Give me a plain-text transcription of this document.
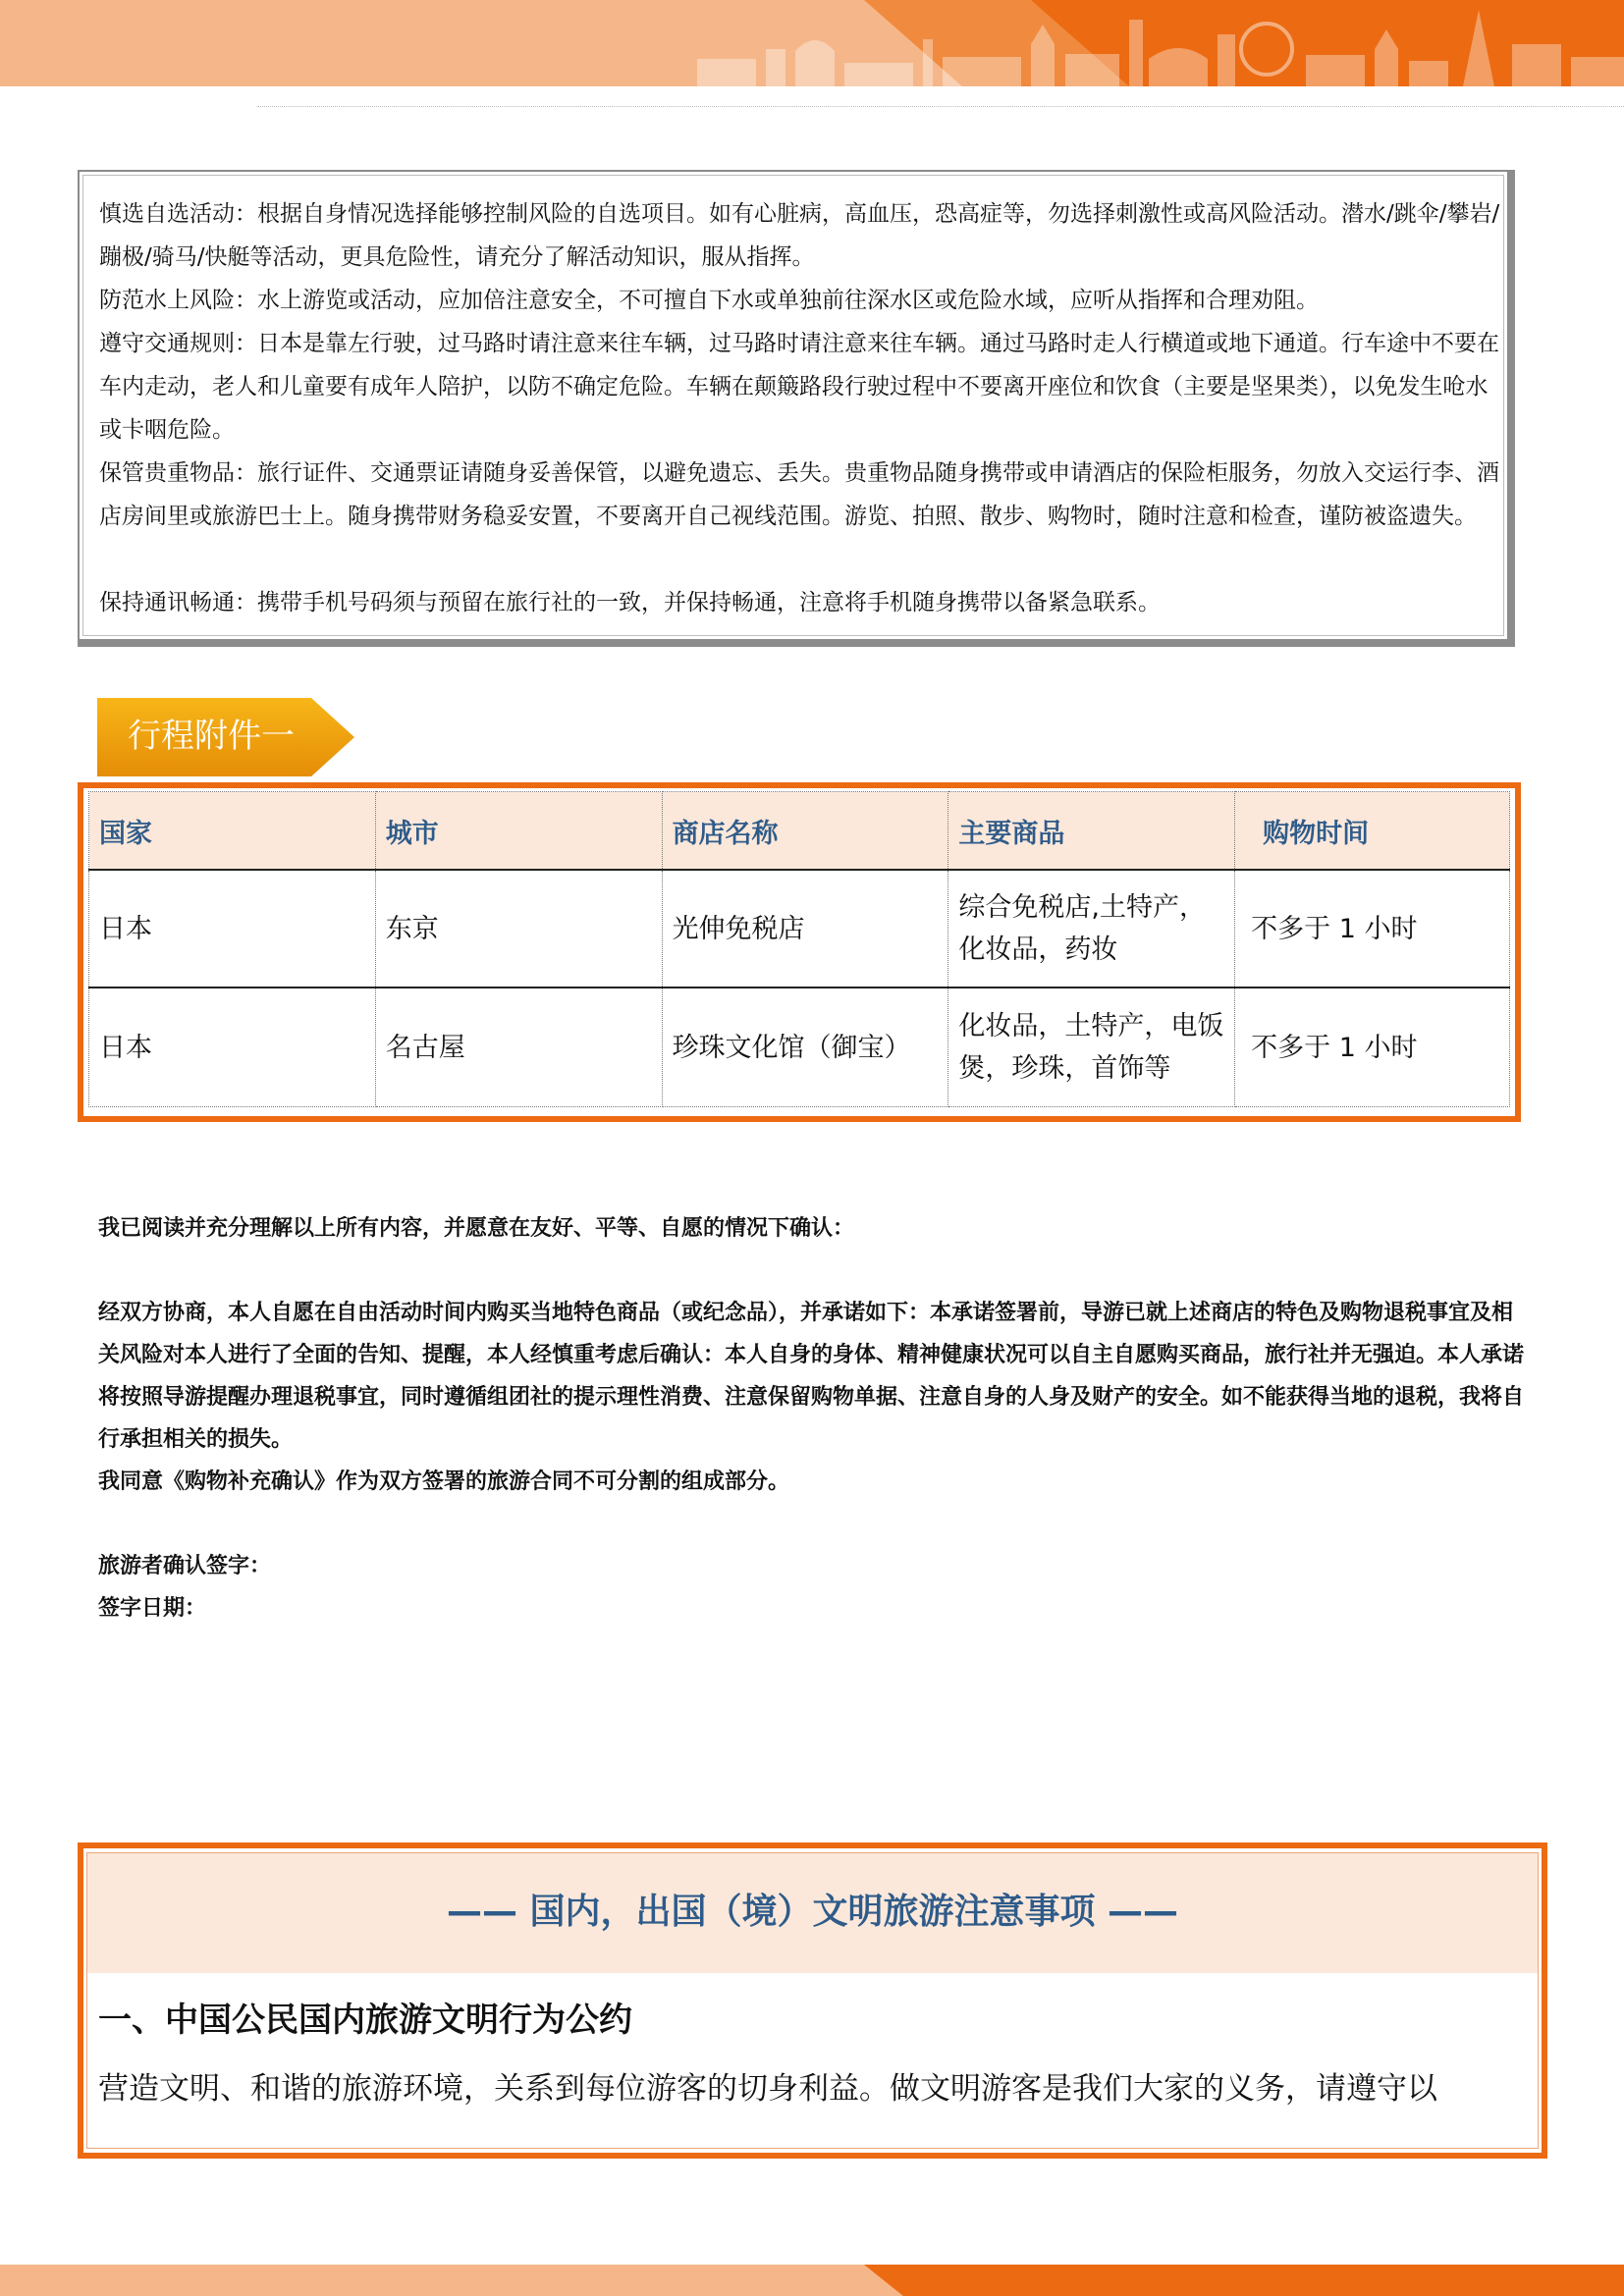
慎选自选活动：根据自身情况选择能够控制风险的自选项目。如有心脏病，高血压，恐高症等，勿选择刺激性或高风险活动。潜水/跳伞/攀岩/蹦极/骑马/快艇等活动，更具危险性，请充分了解活动知识，服从指挥。

防范水上风险：水上游览或活动，应加倍注意安全，不可擅自下水或单独前往深水区或危险水域，应听从指挥和合理劝阻。

遵守交通规则：日本是靠左行驶，过马路时请注意来往车辆，过马路时请注意来往车辆。通过马路时走人行横道或地下通道。行车途中不要在车内走动，老人和儿童要有成年人陪护，以防不确定危险。车辆在颠簸路段行驶过程中不要离开座位和饮食（主要是坚果类），以免发生呛水或卡咽危险。

保管贵重物品：旅行证件、交通票证请随身妥善保管，以避免遗忘、丢失。贵重物品随身携带或申请酒店的保险柜服务，勿放入交运行李、酒店房间里或旅游巴士上。随身携带财务稳妥安置，不要离开自己视线范围。游览、拍照、散步、购物时，随时注意和检查，谨防被盗遗失。

保持通讯畅通：携带手机号码须与预留在旅行社的一致，并保持畅通，注意将手机随身携带以备紧急联系。

行程附件一
国家	城市	商店名称	主要商品	购物时间
日本	东京	光伸免税店	综合免税店,土特产，化妆品，药妆	不多于 1 小时
日本	名古屋	珍珠文化馆（御宝）	化妆品，土特产，电饭煲，珍珠，首饰等	不多于 1 小时

我已阅读并充分理解以上所有内容，并愿意在友好、平等、自愿的情况下确认：

经双方协商，本人自愿在自由活动时间内购买当地特色商品（或纪念品），并承诺如下：本承诺签署前，导游已就上述商店的特色及购物退税事宜及相关风险对本人进行了全面的告知、提醒，本人经慎重考虑后确认：本人自身的身体、精神健康状况可以自主自愿购买商品，旅行社并无强迫。本人承诺将按照导游提醒办理退税事宜，同时遵循组团社的提示理性消费、注意保留购物单据、注意自身的人身及财产的安全。如不能获得当地的退税，我将自行承担相关的损失。

我同意《购物补充确认》作为双方签署的旅游合同不可分割的组成部分。

旅游者确认签字：

签字日期：

—— 国内，出国（境）文明旅游注意事项 ——
一、中国公民国内旅游文明行为公约
营造文明、和谐的旅游环境，关系到每位游客的切身利益。做文明游客是我们大家的义务，请遵守以
